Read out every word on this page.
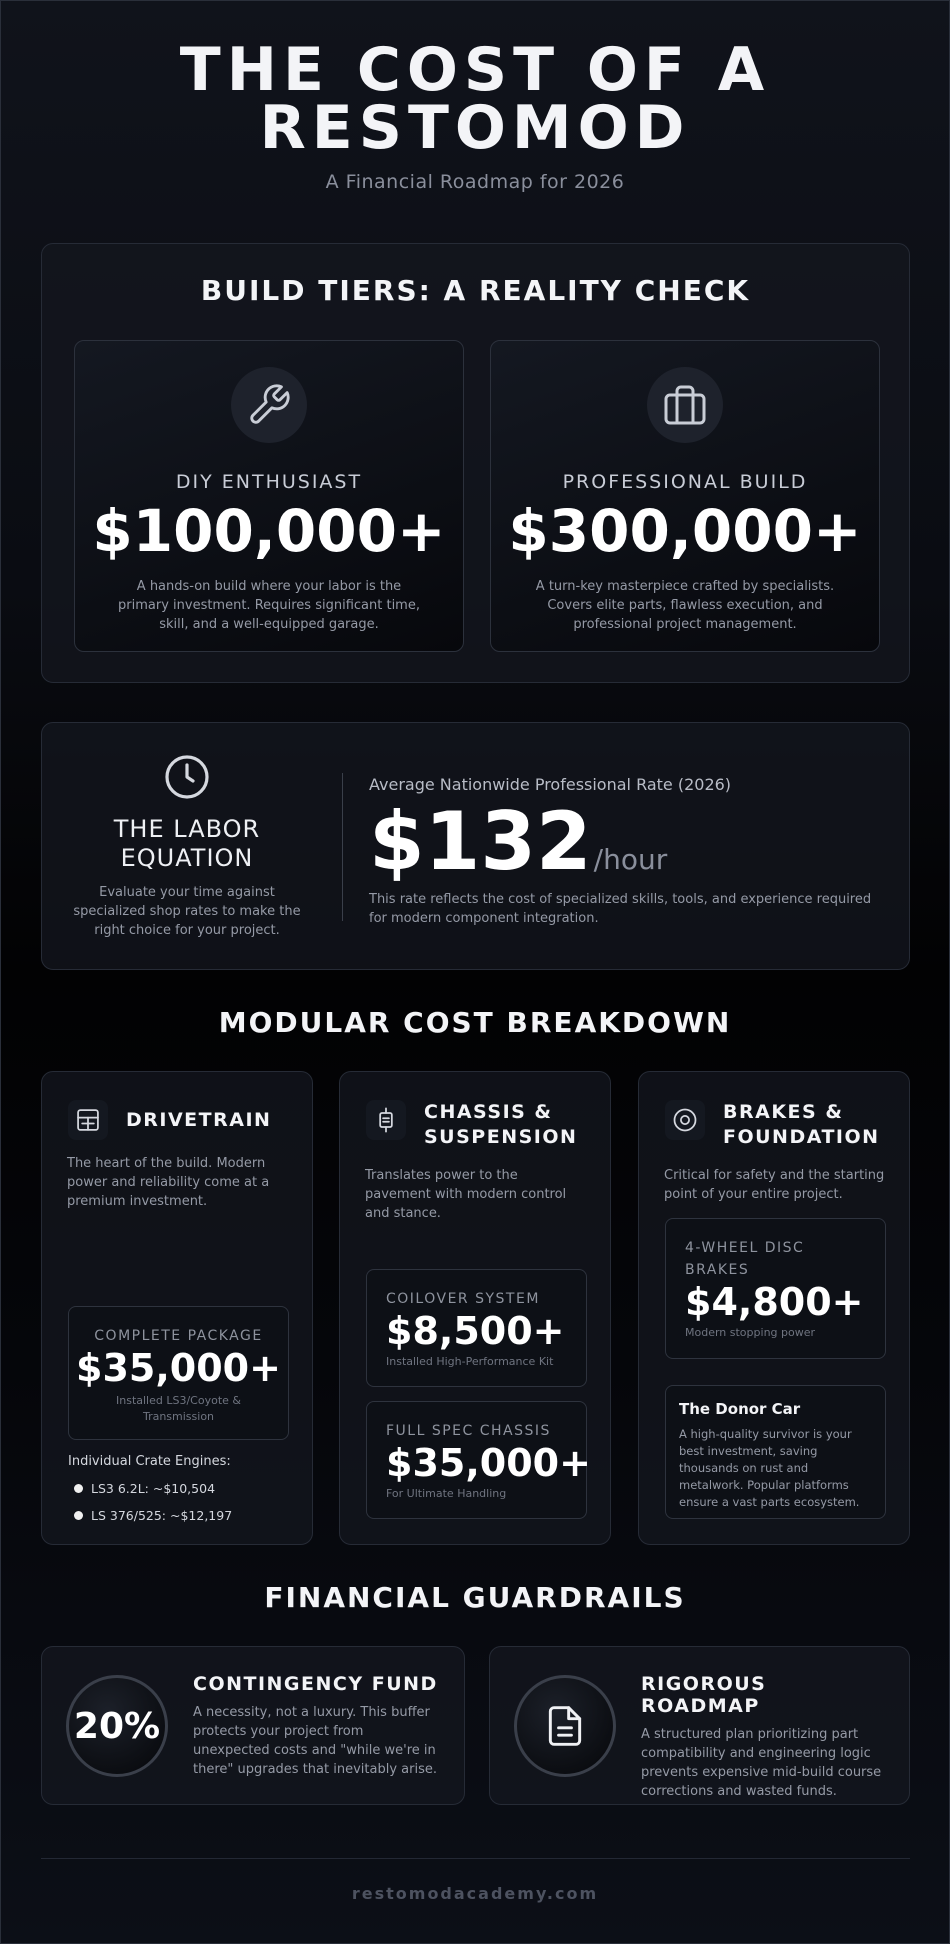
THE COST OF A
RESTOMOD
A Financial Roadmap for 2026
BUILD TIERS: A REALITY CHECK
DIY ENTHUSIAST
$100,000+

A hands-on build where your labor is the primary investment. Requires significant time, skill, and a well-equipped garage.

PROFESSIONAL BUILD
$300,000+

A turn-key masterpiece crafted by specialists. Covers elite parts, flawless execution, and professional project management.

THE LABOR EQUATION

Evaluate your time against specialized shop rates to make the right choice for your project.

Average Nationwide Professional Rate (2026)
$132 /hour

This rate reflects the cost of specialized skills, tools, and experience required for modern component integration.

MODULAR COST BREAKDOWN
DRIVETRAIN

The heart of the build. Modern power and reliability come at a premium investment.

COMPLETE PACKAGE
$35,000+
Installed LS3/Coyote & Transmission
Individual Crate Engines:
LS3 6.2L: ~$10,504
LS 376/525: ~$12,197
CHASSIS &
SUSPENSION

Translates power to the pavement with modern control and stance.

COILOVER SYSTEM
$8,500+
Installed High-Performance Kit
FULL SPEC CHASSIS
$35,000+
For Ultimate Handling
BRAKES &
FOUNDATION

Critical for safety and the starting point of your entire project.

4-WHEEL DISC BRAKES
$4,800+
Modern stopping power
The Donor Car

A high-quality survivor is your best investment, saving thousands on rust and metalwork. Popular platforms ensure a vast parts ecosystem.

FINANCIAL GUARDRAILS
20%
CONTINGENCY FUND

A necessity, not a luxury. This buffer protects your project from unexpected costs and "while we're in there" upgrades that inevitably arise.

RIGOROUS ROADMAP

A structured plan prioritizing part compatibility and engineering logic prevents expensive mid-build course corrections and wasted funds.

restomodacademy.com
